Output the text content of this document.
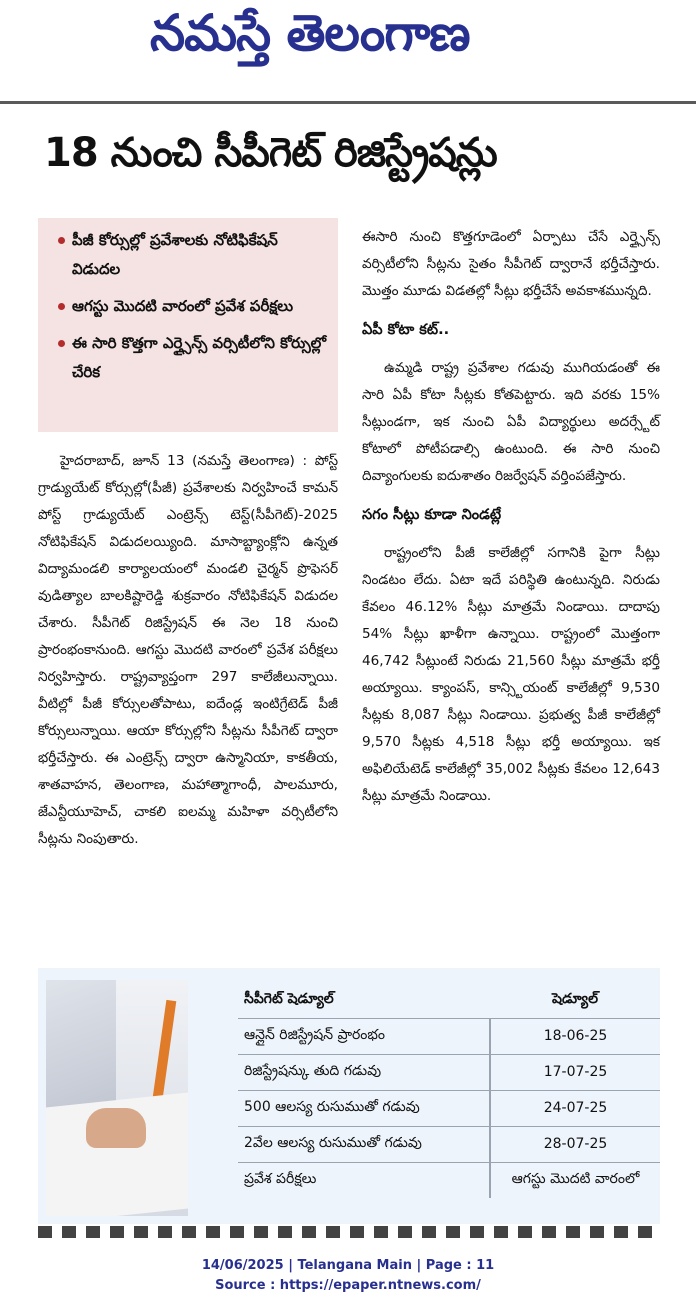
నమస్తే తెలంగాణ
18 నుంచి సీపీగెట్ రిజిస్ట్రేషన్లు
పీజీ కోర్సుల్లో ప్రవేశాలకు నోటిఫికేషన్ విడుదల
ఆగస్టు మొదటి వారంలో ప్రవేశ పరీక్షలు
ఈ సారి కొత్తగా ఎర్త్సైన్స్ వర్సిటీలోని కోర్సుల్లో చేరిక

హైదరాబాద్, జూన్ 13 (నమస్తే తెలంగాణ) : పోస్ట్ గ్రాడ్యుయేట్ కోర్సుల్లో(పీజీ) ప్రవేశాలకు నిర్వహించే కామన్ పోస్ట్ గ్రాడ్యుయేట్ ఎంట్రెన్స్ టెస్ట్(సీపీగెట్)-2025 నోటిఫికేషన్ విడుదలయ్యింది. మాసాబ్ట్యాంక్లోని ఉన్నత విద్యామండలి కార్యాలయంలో మండలి చైర్మన్ ప్రొఫెసర్ వుడిత్యాల బాలకిష్టారెడ్డి శుక్రవారం నోటిఫికేషన్ విడుదల చేశారు. సీపీగెట్ రిజిస్ట్రేషన్ ఈ నెల 18 నుంచి ప్రారంభంకానుంది. ఆగస్టు మొదటి వారంలో ప్రవేశ పరీక్షలు నిర్వహిస్తారు. రాష్ట్రవ్యాప్తంగా 297 కాలేజీలున్నాయి. వీటిల్లో పీజీ కోర్సులతోపాటు, ఐదేండ్ల ఇంటిగ్రేటెడ్ పీజీ కోర్సులున్నాయి. ఆయా కోర్సుల్లోని సీట్లను సీపీగెట్ ద్వారా భర్తీచేస్తారు. ఈ ఎంట్రెన్స్ ద్వారా ఉస్మానియా, కాకతీయ, శాతవాహన, తెలంగాణ, మహాత్మాగాంధీ, పాలమూరు, జేఎన్టీయూహెచ్, చాకలి ఐలమ్మ మహిళా వర్సిటీలోని సీట్లను నింపుతారు.

ఈసారి నుంచి కొత్తగూడెంలో ఏర్పాటు చేసే ఎర్త్సైన్స్ వర్సిటీలోని సీట్లను సైతం సీపీగెట్ ద్వారానే భర్తీచేస్తారు. మొత్తం మూడు విడతల్లో సీట్లు భర్తీచేసే అవకాశమున్నది.

ఏపీ కోటా కట్..

ఉమ్మడి రాష్ట్ర ప్రవేశాల గడువు ముగియడంతో ఈ సారి ఏపీ కోటా సీట్లకు కోతపెట్టారు. ఇది వరకు 15% సీట్లుండగా, ఇక నుంచి ఏపీ విద్యార్థులు అదర్స్టేట్ కోటాలో పోటీపడాల్సి ఉంటుంది. ఈ సారి నుంచి దివ్యాంగులకు ఐదుశాతం రిజర్వేషన్ వర్తింపజేస్తారు.

సగం సీట్లు కూడా నిండట్లే

రాష్ట్రంలోని పీజీ కాలేజీల్లో సగానికి పైగా సీట్లు నిండటం లేదు. ఏటా ఇదే పరిస్థితి ఉంటున్నది. నిరుడు కేవలం 46.12% సీట్లు మాత్రమే నిండాయి. దాదాపు 54% సీట్లు ఖాళీగా ఉన్నాయి. రాష్ట్రంలో మొత్తంగా 46,742 సీట్లుంటే నిరుడు 21,560 సీట్లు మాత్రమే భర్తీ అయ్యాయి. క్యాంపస్, కాన్స్టియంట్ కాలేజీల్లో 9,530 సీట్లకు 8,087 సీట్లు నిండాయి. ప్రభుత్వ పీజీ కాలేజీల్లో 9,570 సీట్లకు 4,518 సీట్లు భర్తీ అయ్యాయి. ఇక అఫిలియేటెడ్ కాలేజీల్లో 35,002 సీట్లకు కేవలం 12,643 సీట్లు మాత్రమే నిండాయి.

సీపీగెట్ షెడ్యూల్	షెడ్యూల్
ఆన్లైన్ రిజిస్ట్రేషన్ ప్రారంభం	18-06-25
రిజిస్ట్రేషన్కు తుది గడువు	17-07-25
500 ఆలస్య రుసుముతో గడువు	24-07-25
2వేల ఆలస్య రుసుముతో గడువు	28-07-25
ప్రవేశ పరీక్షలు	ఆగస్టు మొదటి వారంలో
14/06/2025 | Telangana Main | Page : 11
Source : https://epaper.ntnews.com/
